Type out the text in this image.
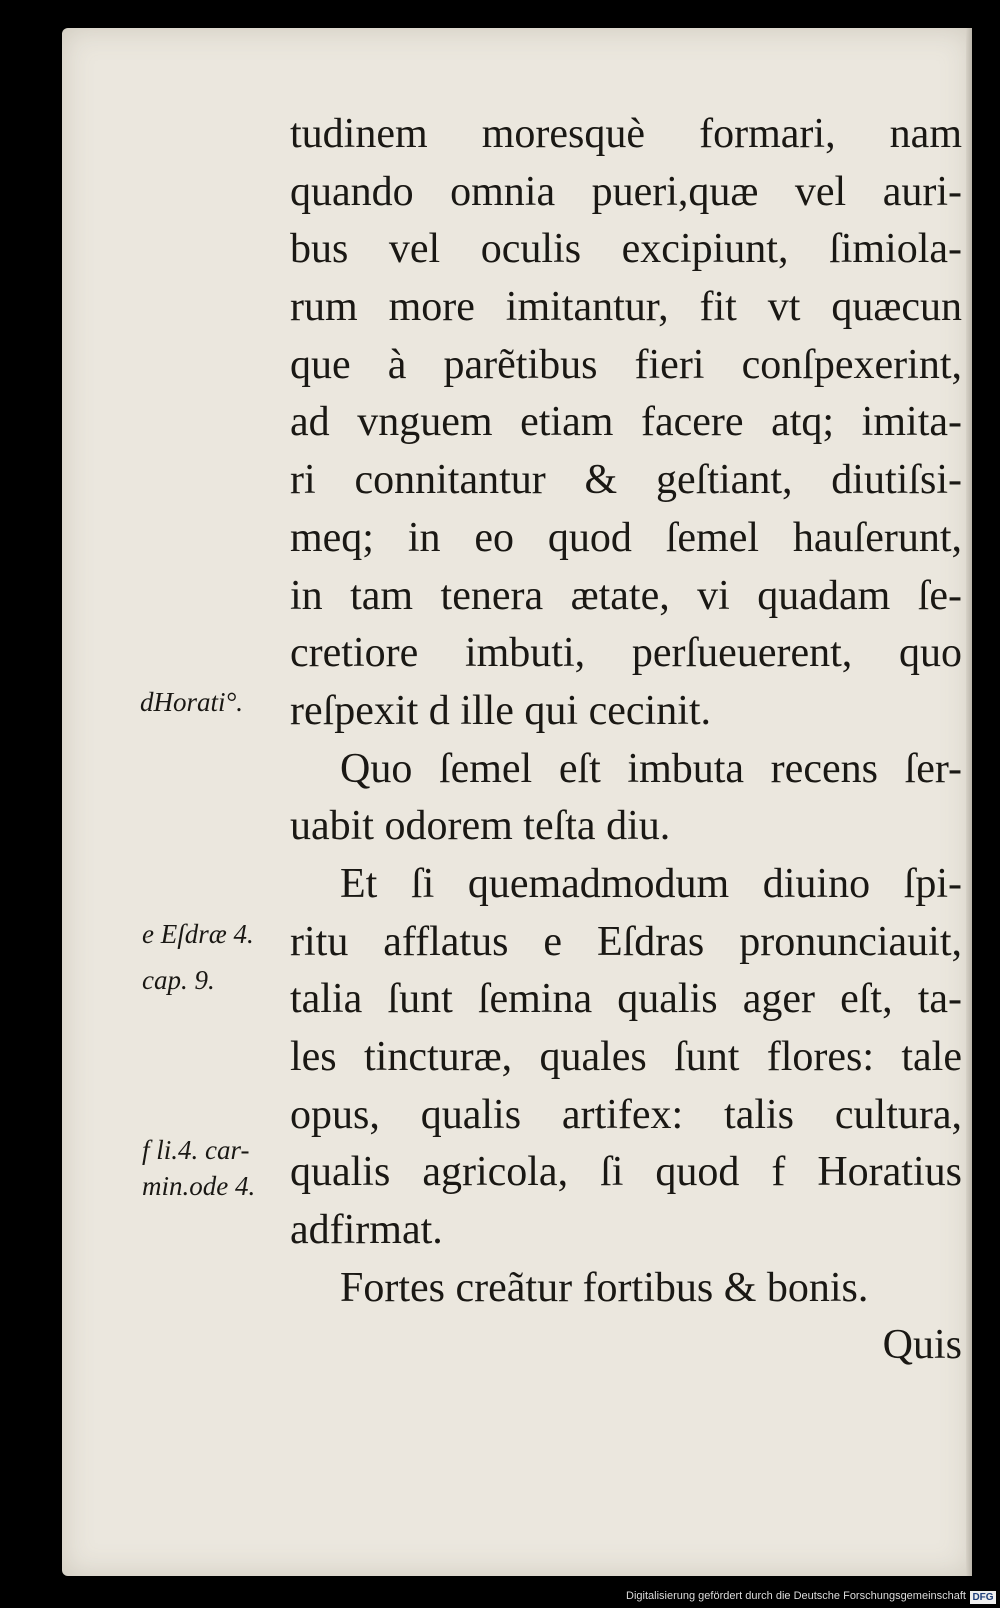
tudinem moresquè formari, nam
quando omnia pueri,quæ vel auri-
bus vel oculis excipiunt, ſimiola-
rum more imitantur, fit vt quæcun
que à parẽtibus fieri conſpexerint,
ad vnguem etiam facere atq; imita-
ri connitantur & geſtiant, diutiſsi-
meq; in eo quod ſemel hauſerunt,
in tam tenera ætate, vi quadam ſe-
cretiore imbuti, perſueuerent, quo
reſpexit d ille qui cecinit.
Quo ſemel eſt imbuta recens ſer-
uabit odorem teſta diu.
Et ſi quemadmodum diuino ſpi-
ritu afflatus e Eſdras pronunciauit,
talia ſunt ſemina qualis ager eſt, ta-
les tincturæ, quales ſunt flores: tale
opus, qualis artifex: talis cultura,
qualis agricola, ſi quod f Horatius
adfirmat.
Fortes creãtur fortibus & bonis.
Quis
dHorati°.
e Eſdræ 4.
cap. 9.
f li.4. car-
min.ode 4.
Digitalisierung gefördert durch die Deutsche Forschungsgemeinschaft DFG
